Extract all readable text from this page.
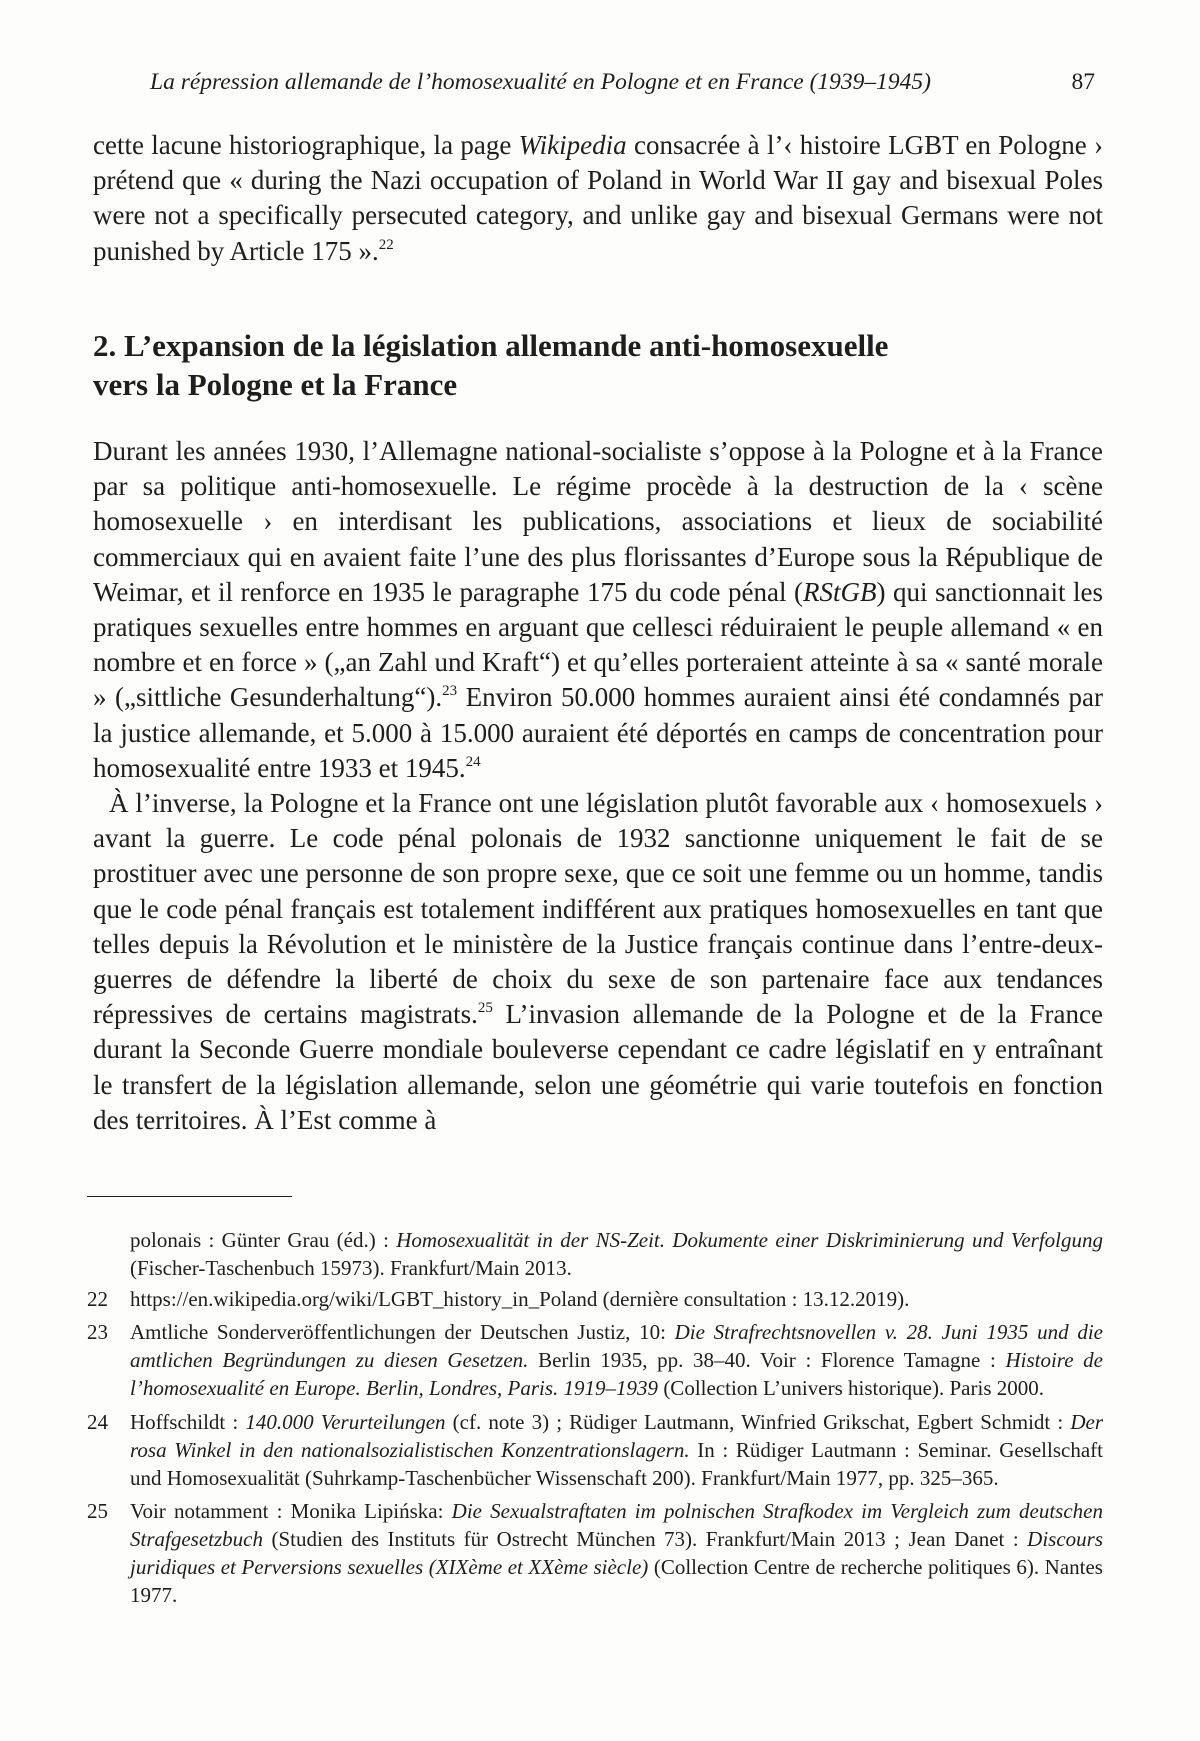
La répression allemande de l’homosexualité en Pologne et en France (1939–1945)	87

cette lacune historiographique, la page Wikipedia consacrée à l’‹ histoire LGBT en Pologne › prétend que « during the Nazi occupation of Poland in World War II gay and bisexual Poles were not a specifically persecuted category, and unlike gay and bisexual Germans were not punished by Article 175 ».$^{22}$

2. L’expansion de la législation allemande anti-homosexuelle
vers la Pologne et la France

Durant les années 1930, l’Allemagne national-socialiste s’oppose à la Pologne et à la France par sa politique anti-homosexuelle. Le régime procède à la destruction de la ‹ scène homosexuelle › en interdisant les publications, associations et lieux de sociabilité commerciaux qui en avaient faite l’une des plus florissantes d’Europe sous la République de Weimar, et il renforce en 1935 le paragraphe 175 du code pénal (RStGB) qui sanctionnait les pratiques sexuelles entre hommes en arguant que cellesci réduiraient le peuple allemand « en nombre et en force » („an Zahl und Kraft“) et qu’elles porteraient atteinte à sa « santé morale » („sittliche Gesunderhaltung“).$^{23}$ Environ 50.000 hommes auraient ainsi été condamnés par la justice allemande, et 5.000 à 15.000 auraient été déportés en camps de concentration pour homosexualité entre 1933 et 1945.24

À l’inverse, la Pologne et la France ont une législation plutôt favorable aux ‹ homosexuels › avant la guerre. Le code pénal polonais de 1932 sanctionne uniquement le fait de se prostituer avec une personne de son propre sexe, que ce soit une femme ou un homme, tandis que le code pénal français est totalement indifférent aux pratiques homosexuelles en tant que telles depuis la Révolution et le ministère de la Justice français continue dans l’entre-deux-guerres de défendre la liberté de choix du sexe de son partenaire face aux tendances répressives de certains magistrats.$^{25}$ L’invasion allemande de la Pologne et de la France durant la Seconde Guerre mondiale bouleverse cependant ce cadre législatif en y entraînant le transfert de la législation allemande, selon une géométrie qui varie toutefois en fonction des territoires. À l’Est comme à

polonais : Günter Grau (éd.) : Homosexualität in der NS-Zeit. Dokumente einer Diskriminierung und Verfolgung (Fischer-Taschenbuch 15973). Frankfurt/Main 2013.

22 https://en.wikipedia.org/wiki/LGBT_history_in_Poland (dernière consultation : 13.12.2019).

23 Amtliche Sonderveröffentlichungen der Deutschen Justiz, 10: Die Strafrechtsnovellen v. 28. Juni 1935 und die amtlichen Begründungen zu diesen Gesetzen. Berlin 1935, pp. 38–40. Voir : Florence Tamagne : Histoire de l’homosexualité en Europe. Berlin, Londres, Paris. 1919–1939 (Collection L’univers historique). Paris 2000.

24 Hoffschildt : 140.000 Verurteilungen (cf. note 3) ; Rüdiger Lautmann, Winfried Grikschat, Egbert Schmidt : Der rosa Winkel in den nationalsozialistischen Konzentrationslagern. In : Rüdiger Lautmann : Seminar. Gesellschaft und Homosexualität (Suhrkamp-Taschenbücher Wissenschaft 200). Frankfurt/Main 1977, pp. 325–365.

25 Voir notamment : Monika Lipińska: Die Sexualstraftaten im polnischen Strafkodex im Vergleich zum deutschen Strafgesetzbuch (Studien des Instituts für Ostrecht München 73). Frankfurt/Main 2013 ; Jean Danet : Discours juridiques et Perversions sexuelles (XIXème et XXème siècle) (Collection Centre de recherche politiques 6). Nantes 1977.
